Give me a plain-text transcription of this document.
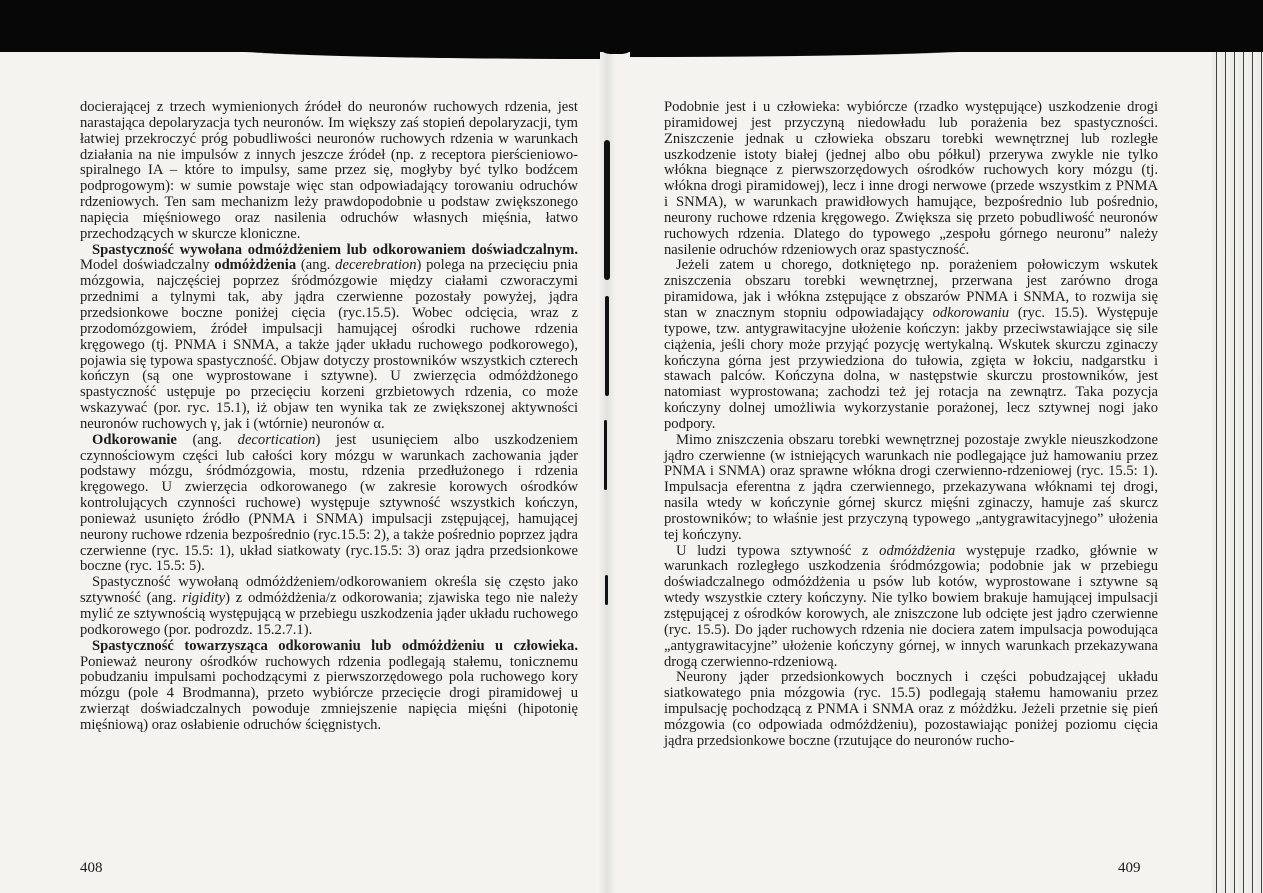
docierającej z trzech wymienionych źródeł do neuronów ruchowych rdzenia, jest narastająca depolaryzacja tych neuronów. Im większy zaś stopień depolaryzacji, tym łatwiej przekroczyć próg pobudliwości neuronów ruchowych rdzenia w warunkach działania na nie impulsów z innych jeszcze źródeł (np. z receptora pierścieniowo-spiralnego IA – które to impulsy, same przez się, mogłyby być tylko bodźcem podprogowym): w sumie powstaje więc stan odpowiadający torowaniu odruchów rdzeniowych. Ten sam mechanizm leży prawdopodobnie u podstaw zwiększonego napięcia mięśniowego oraz nasilenia odruchów własnych mięśnia, łatwo przechodzących w skurcze kloniczne.

Spastyczność wywołana odmóżdżeniem lub odkorowaniem doświadczalnym. Model doświadczalny odmóżdżenia (ang. decerebration) polega na przecięciu pnia mózgowia, najczęściej poprzez śródmózgowie między ciałami czworaczymi przednimi a tylnymi tak, aby jądra czerwienne pozostały powyżej, jądra przedsionkowe boczne poniżej cięcia (ryc.15.5). Wobec odcięcia, wraz z przodomózgowiem, źródeł impulsacji hamującej ośrodki ruchowe rdzenia kręgowego (tj. PNMA i SNMA, a także jąder układu ruchowego podkorowego), pojawia się typowa spastyczność. Objaw dotyczy prostowników wszystkich czterech kończyn (są one wyprostowane i sztywne). U zwierzęcia odmóżdżonego spastyczność ustępuje po przecięciu korzeni grzbietowych rdzenia, co może wskazywać (por. ryc. 15.1), iż objaw ten wynika tak ze zwiększonej aktywności neuronów ruchowych γ, jak i (wtórnie) neuronów α.

Odkorowanie (ang. decortication) jest usunięciem albo uszkodzeniem czynnościowym części lub całości kory mózgu w warunkach zachowania jąder podstawy mózgu, śródmózgowia, mostu, rdzenia przedłużonego i rdzenia kręgowego. U zwierzęcia odkorowanego (w zakresie korowych ośrodków kontrolujących czynności ruchowe) występuje sztywność wszystkich kończyn, ponieważ usunięto źródło (PNMA i SNMA) impulsacji zstępującej, hamującej neurony ruchowe rdzenia bezpośrednio (ryc.15.5: 2), a także pośrednio poprzez jądra czerwienne (ryc. 15.5: 1), układ siatkowaty (ryc.15.5: 3) oraz jądra przedsionkowe boczne (ryc. 15.5: 5).

Spastyczność wywołaną odmóżdżeniem/odkorowaniem określa się często jako sztywność (ang. rigidity) z odmóżdżenia/z odkorowania; zjawiska tego nie należy mylić ze sztywnością występującą w przebiegu uszkodzenia jąder układu ruchowego podkorowego (por. podrozdz. 15.2.7.1).

Spastyczność towarzysząca odkorowaniu lub odmóżdżeniu u człowieka. Ponieważ neurony ośrodków ruchowych rdzenia podlegają stałemu, tonicznemu pobudzaniu impulsami pochodzącymi z pierwszorzędowego pola ruchowego kory mózgu (pole 4 Brodmanna), przeto wybiórcze przecięcie drogi piramidowej u zwierząt doświadczalnych powoduje zmniejszenie napięcia mięśni (hipotonię mięśniową) oraz osłabienie odruchów ścięgnistych.

408

Podobnie jest i u człowieka: wybiórcze (rzadko występujące) uszkodzenie drogi piramidowej jest przyczyną niedowładu lub porażenia bez spastyczności. Zniszczenie jednak u człowieka obszaru torebki wewnętrznej lub rozległe uszkodzenie istoty białej (jednej albo obu półkul) przerywa zwykle nie tylko włókna biegnące z pierwszorzędowych ośrodków ruchowych kory mózgu (tj. włókna drogi piramidowej), lecz i inne drogi nerwowe (przede wszystkim z PNMA i SNMA), w warunkach prawidłowych hamujące, bezpośrednio lub pośrednio, neurony ruchowe rdzenia kręgowego. Zwiększa się przeto pobudliwość neuronów ruchowych rdzenia. Dlatego do typowego „zespołu górnego neuronu” należy nasilenie odruchów rdzeniowych oraz spastyczność.

Jeżeli zatem u chorego, dotkniętego np. porażeniem połowiczym wskutek zniszczenia obszaru torebki wewnętrznej, przerwana jest zarówno droga piramidowa, jak i włókna zstępujące z obszarów PNMA i SNMA, to rozwija się stan w znacznym stopniu odpowiadający odkorowaniu (ryc. 15.5). Występuje typowe, tzw. antygrawitacyjne ułożenie kończyn: jakby przeciwstawiające się sile ciążenia, jeśli chory może przyjąć pozycję wertykalną. Wskutek skurczu zginaczy kończyna górna jest przywiedziona do tułowia, zgięta w łokciu, nadgarstku i stawach palców. Kończyna dolna, w następstwie skurczu prostowników, jest natomiast wyprostowana; zachodzi też jej rotacja na zewnątrz. Taka pozycja kończyny dolnej umożliwia wykorzystanie porażonej, lecz sztywnej nogi jako podpory.

Mimo zniszczenia obszaru torebki wewnętrznej pozostaje zwykle nieuszkodzone jądro czerwienne (w istniejących warunkach nie podlegające już hamowaniu przez PNMA i SNMA) oraz sprawne włókna drogi czerwienno-rdzeniowej (ryc. 15.5: 1). Impulsacja eferentna z jądra czerwiennego, przekazywana włóknami tej drogi, nasila wtedy w kończynie górnej skurcz mięśni zginaczy, hamuje zaś skurcz prostowników; to właśnie jest przyczyną typowego „antygrawitacyjnego” ułożenia tej kończyny.

U ludzi typowa sztywność z odmóżdżenia występuje rzadko, głównie w warunkach rozległego uszkodzenia śródmózgowia; podobnie jak w przebiegu doświadczalnego odmóżdżenia u psów lub kotów, wyprostowane i sztywne są wtedy wszystkie cztery kończyny. Nie tylko bowiem brakuje hamującej impulsacji zstępującej z ośrodków korowych, ale zniszczone lub odcięte jest jądro czerwienne (ryc. 15.5). Do jąder ruchowych rdzenia nie dociera zatem impulsacja powodująca „antygrawitacyjne” ułożenie kończyny górnej, w innych warunkach przekazywana drogą czerwienno-rdzeniową.

Neurony jąder przedsionkowych bocznych i części pobudzającej układu siatkowatego pnia mózgowia (ryc. 15.5) podlegają stałemu hamowaniu przez impulsację pochodzącą z PNMA i SNMA oraz z móżdżku. Jeżeli przetnie się pień mózgowia (co odpowiada odmóżdżeniu), pozostawiając poniżej poziomu cięcia jądra przedsionkowe boczne (rzutujące do neuronów rucho-

409
